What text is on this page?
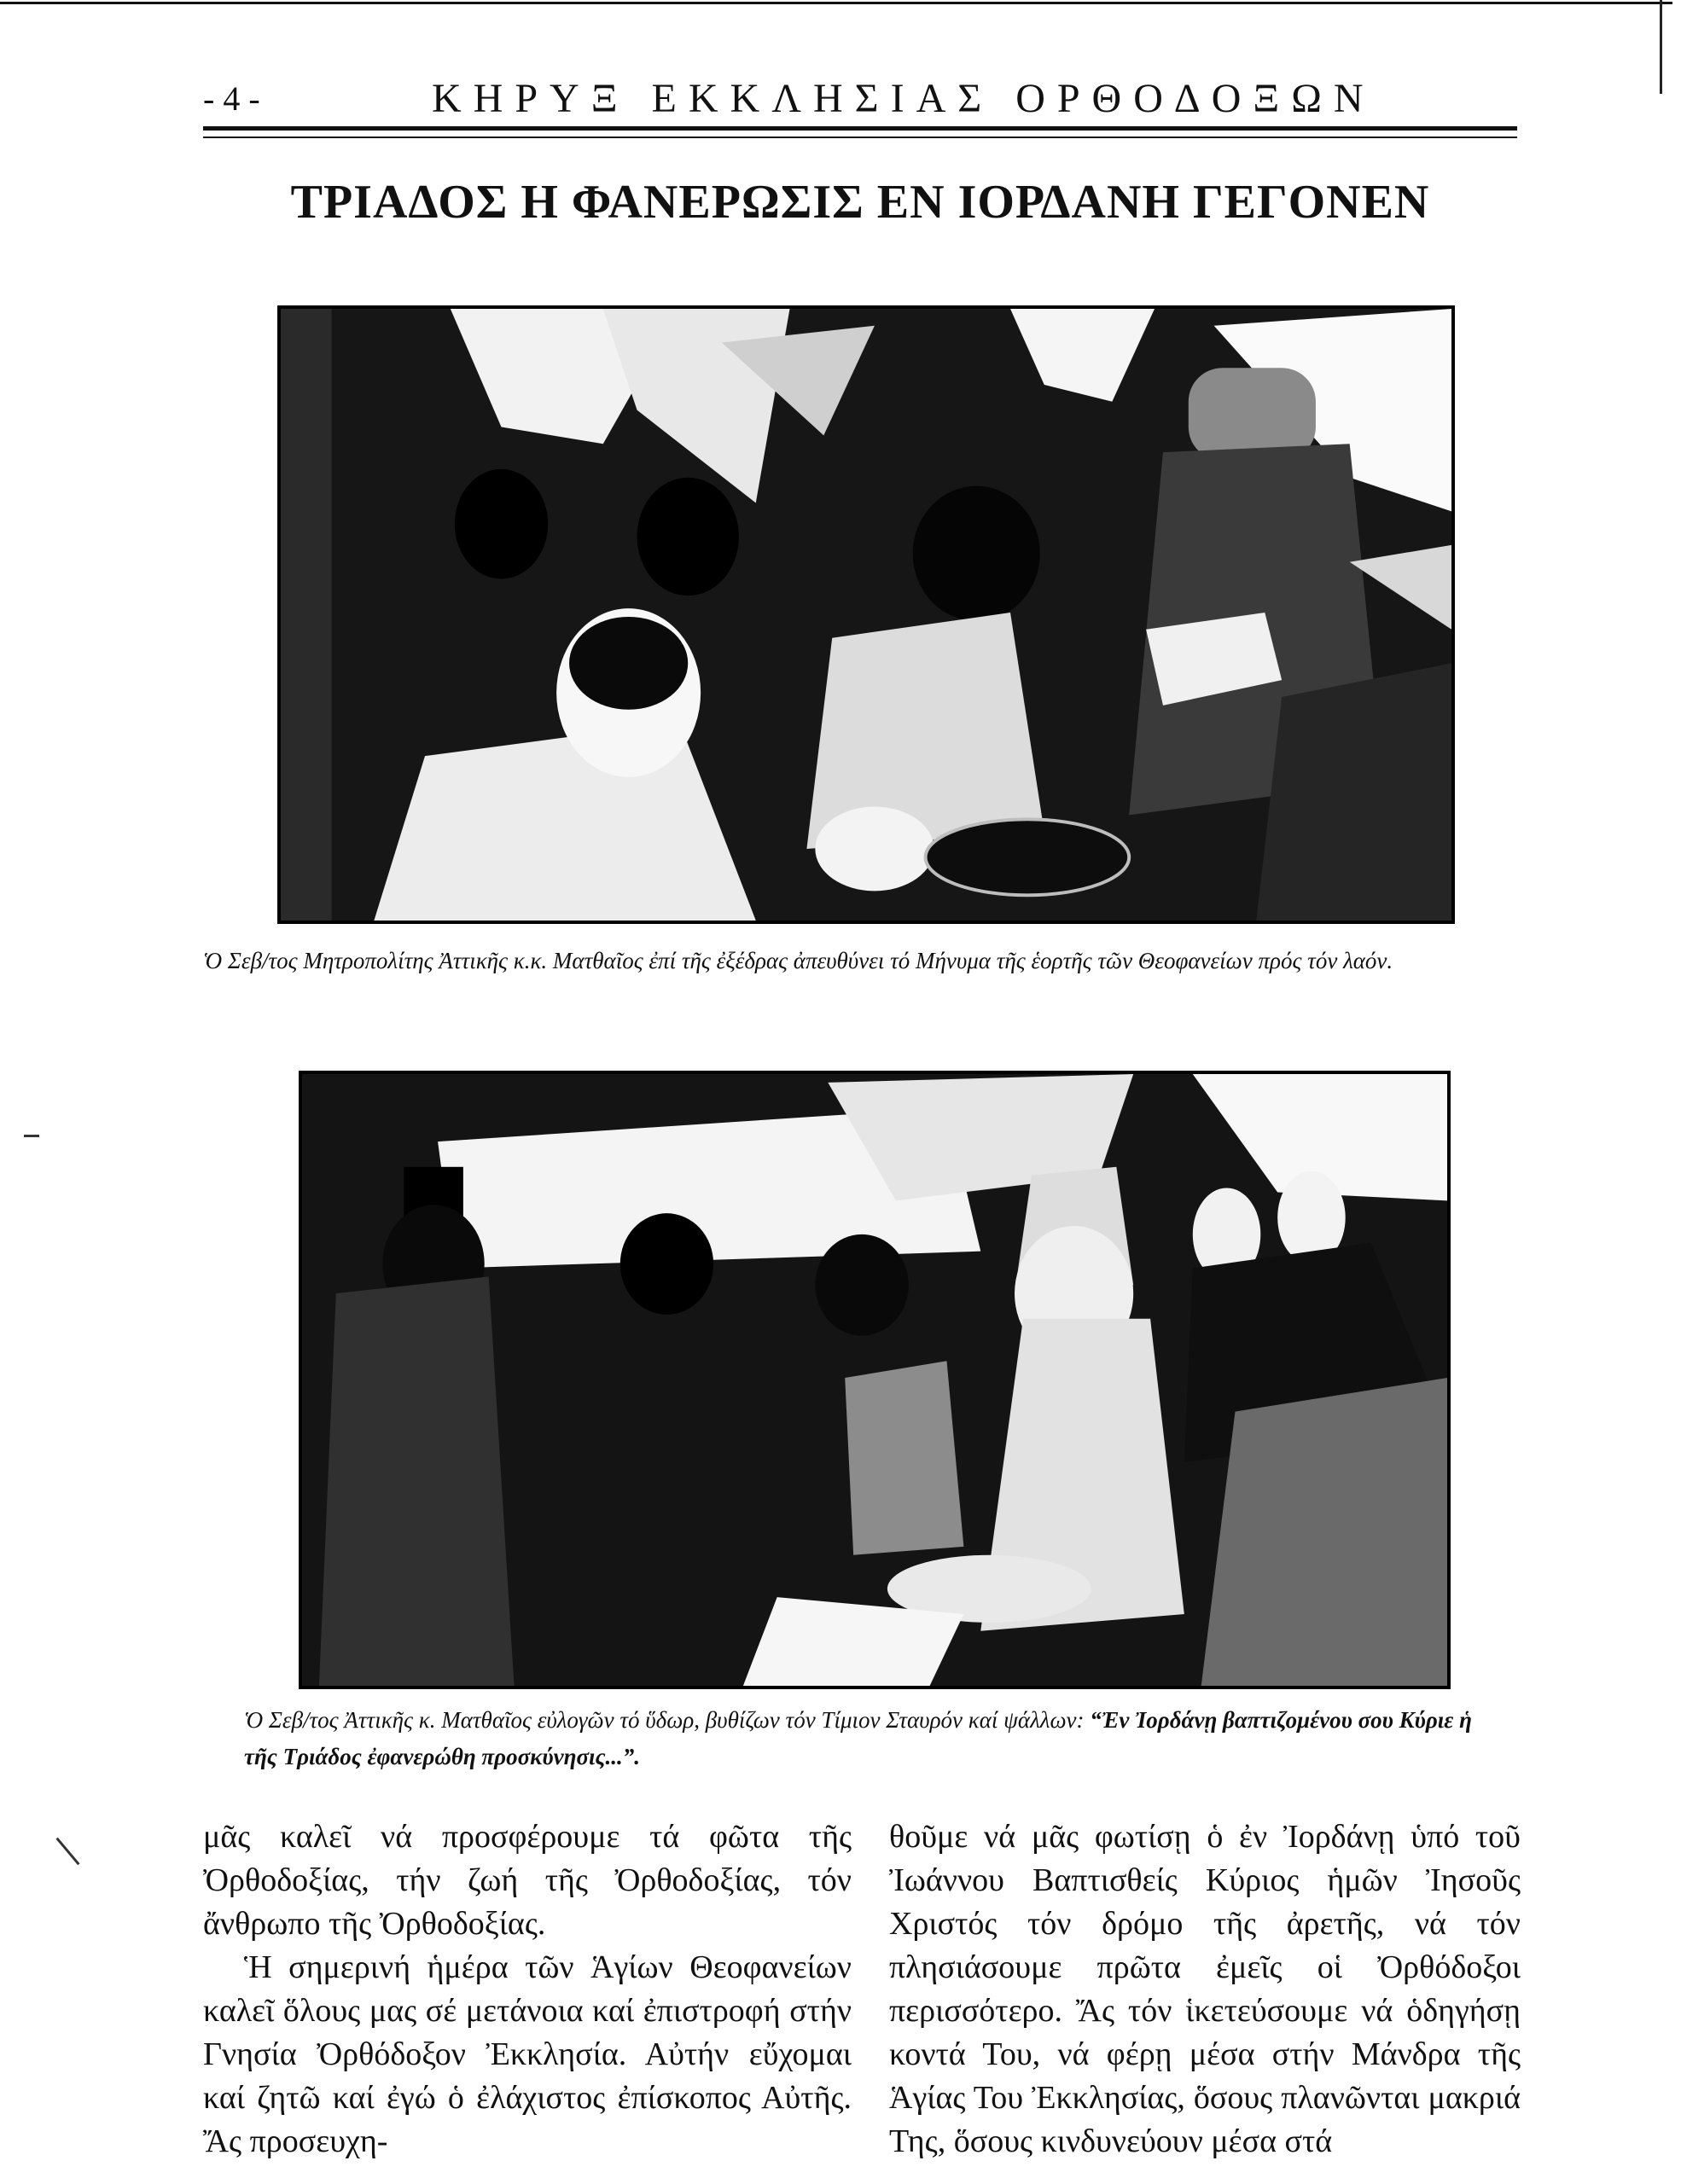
- 4 -	ΚΗΡΥΞ ΕΚΚΛΗΣΙΑΣ ΟΡΘΟΔΟΞΩΝ
ΤΡΙΑΔΟΣ Η ΦΑΝΕΡΩΣΙΣ ΕΝ ΙΟΡΔΑΝΗ ΓΕΓΟΝΕΝ
Ὁ Σεβ/τος Μητροπολίτης Ἀττικῆς κ.κ. Ματθαῖος ἐπί τῆς ἐξέδρας ἀπευθύνει τό Μήνυμα τῆς ἑορτῆς τῶν Θεοφανείων πρός τόν λαόν.
Ὁ Σεβ/τος Ἀττικῆς κ. Ματθαῖος εὐλογῶν τό ὕδωρ, βυθίζων τόν Τίμιον Σταυρόν καί ψάλλων: “Ἐν Ἰορδάνῃ βαπτιζομένου σου Κύριε ἡ τῆς Τριάδος ἐφανερώθη προσκύνησις...”.

μᾶς καλεῖ νά προσφέρουμε τά φῶτα τῆς Ὀρθοδοξίας, τήν ζωή τῆς Ὀρθοδοξίας, τόν ἄνθρωπο τῆς Ὀρθοδοξίας.

Ἡ σημερινή ἡμέρα τῶν Ἁγίων Θεοφανείων καλεῖ ὅλους μας σέ μετάνοια καί ἐπιστροφή στήν Γνησία Ὀρθόδοξον Ἐκκλησία. Αὐτήν εὔχομαι καί ζητῶ καί ἐγώ ὁ ἐλάχιστος ἐπίσκοπος Αὐτῆς. Ἄς προσευχη-

θοῦμε νά μᾶς φωτίσῃ ὁ ἐν Ἰορδάνῃ ὑπό τοῦ Ἰωάννου Βαπτισθείς Κύριος ἡμῶν Ἰησοῦς Χριστός τόν δρόμο τῆς ἀρετῆς, νά τόν πλησιάσουμε πρῶτα ἐμεῖς οἱ Ὀρθόδοξοι περισσότερο. Ἄς τόν ἱκετεύσουμε νά ὁδηγήσῃ κοντά Του, νά φέρῃ μέσα στήν Μάνδρα τῆς Ἁγίας Του Ἐκκλησίας, ὅσους πλανῶνται μακριά Της, ὅσους κινδυνεύουν μέσα στά
